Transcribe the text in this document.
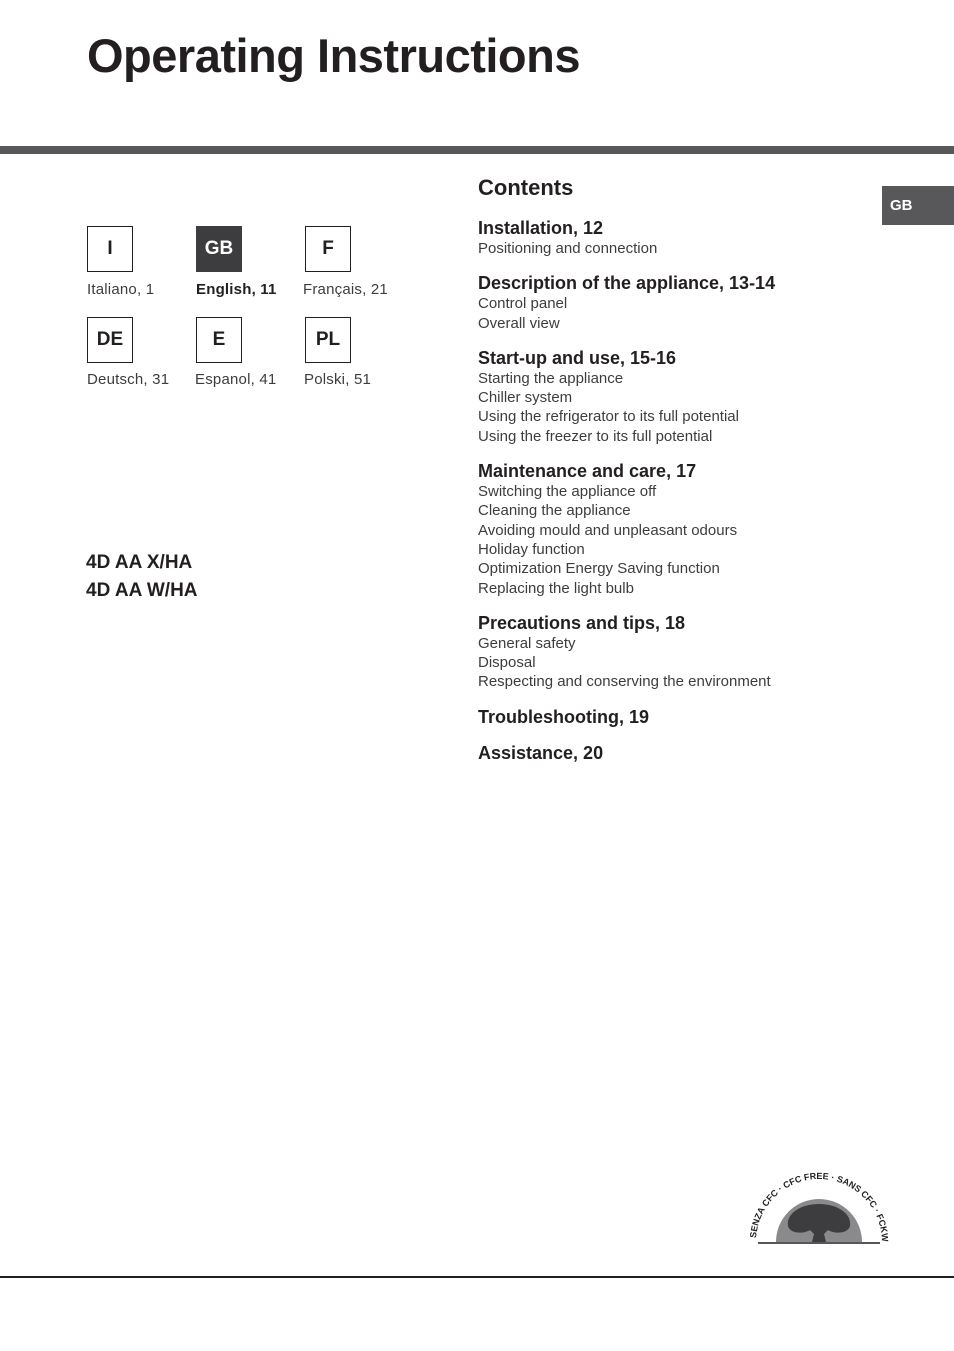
Operating Instructions
GB
I	GB	F
Italiano, 1	English, 11 Français, 21
DE	E	PL
Deutsch, 31 Espanol, 41 Polski, 51
4D AA X/HA
4D AA W/HA
Contents
Installation, 12
Positioning and connection
Description of the appliance, 13-14
Control panel
Overall view
Start-up and use, 15-16
Starting the appliance
Chiller system
Using the refrigerator to its full potential
Using the freezer to its full potential
Maintenance and care, 17
Switching the appliance off
Cleaning the appliance
Avoiding mould and unpleasant odours
Holiday function
Optimization Energy Saving function
Replacing the light bulb
Precautions and tips, 18
General safety
Disposal
Respecting and conserving the environment
Troubleshooting, 19
Assistance, 20
SENZA CFC · CFC FREE · SANS CFC · FCKW
